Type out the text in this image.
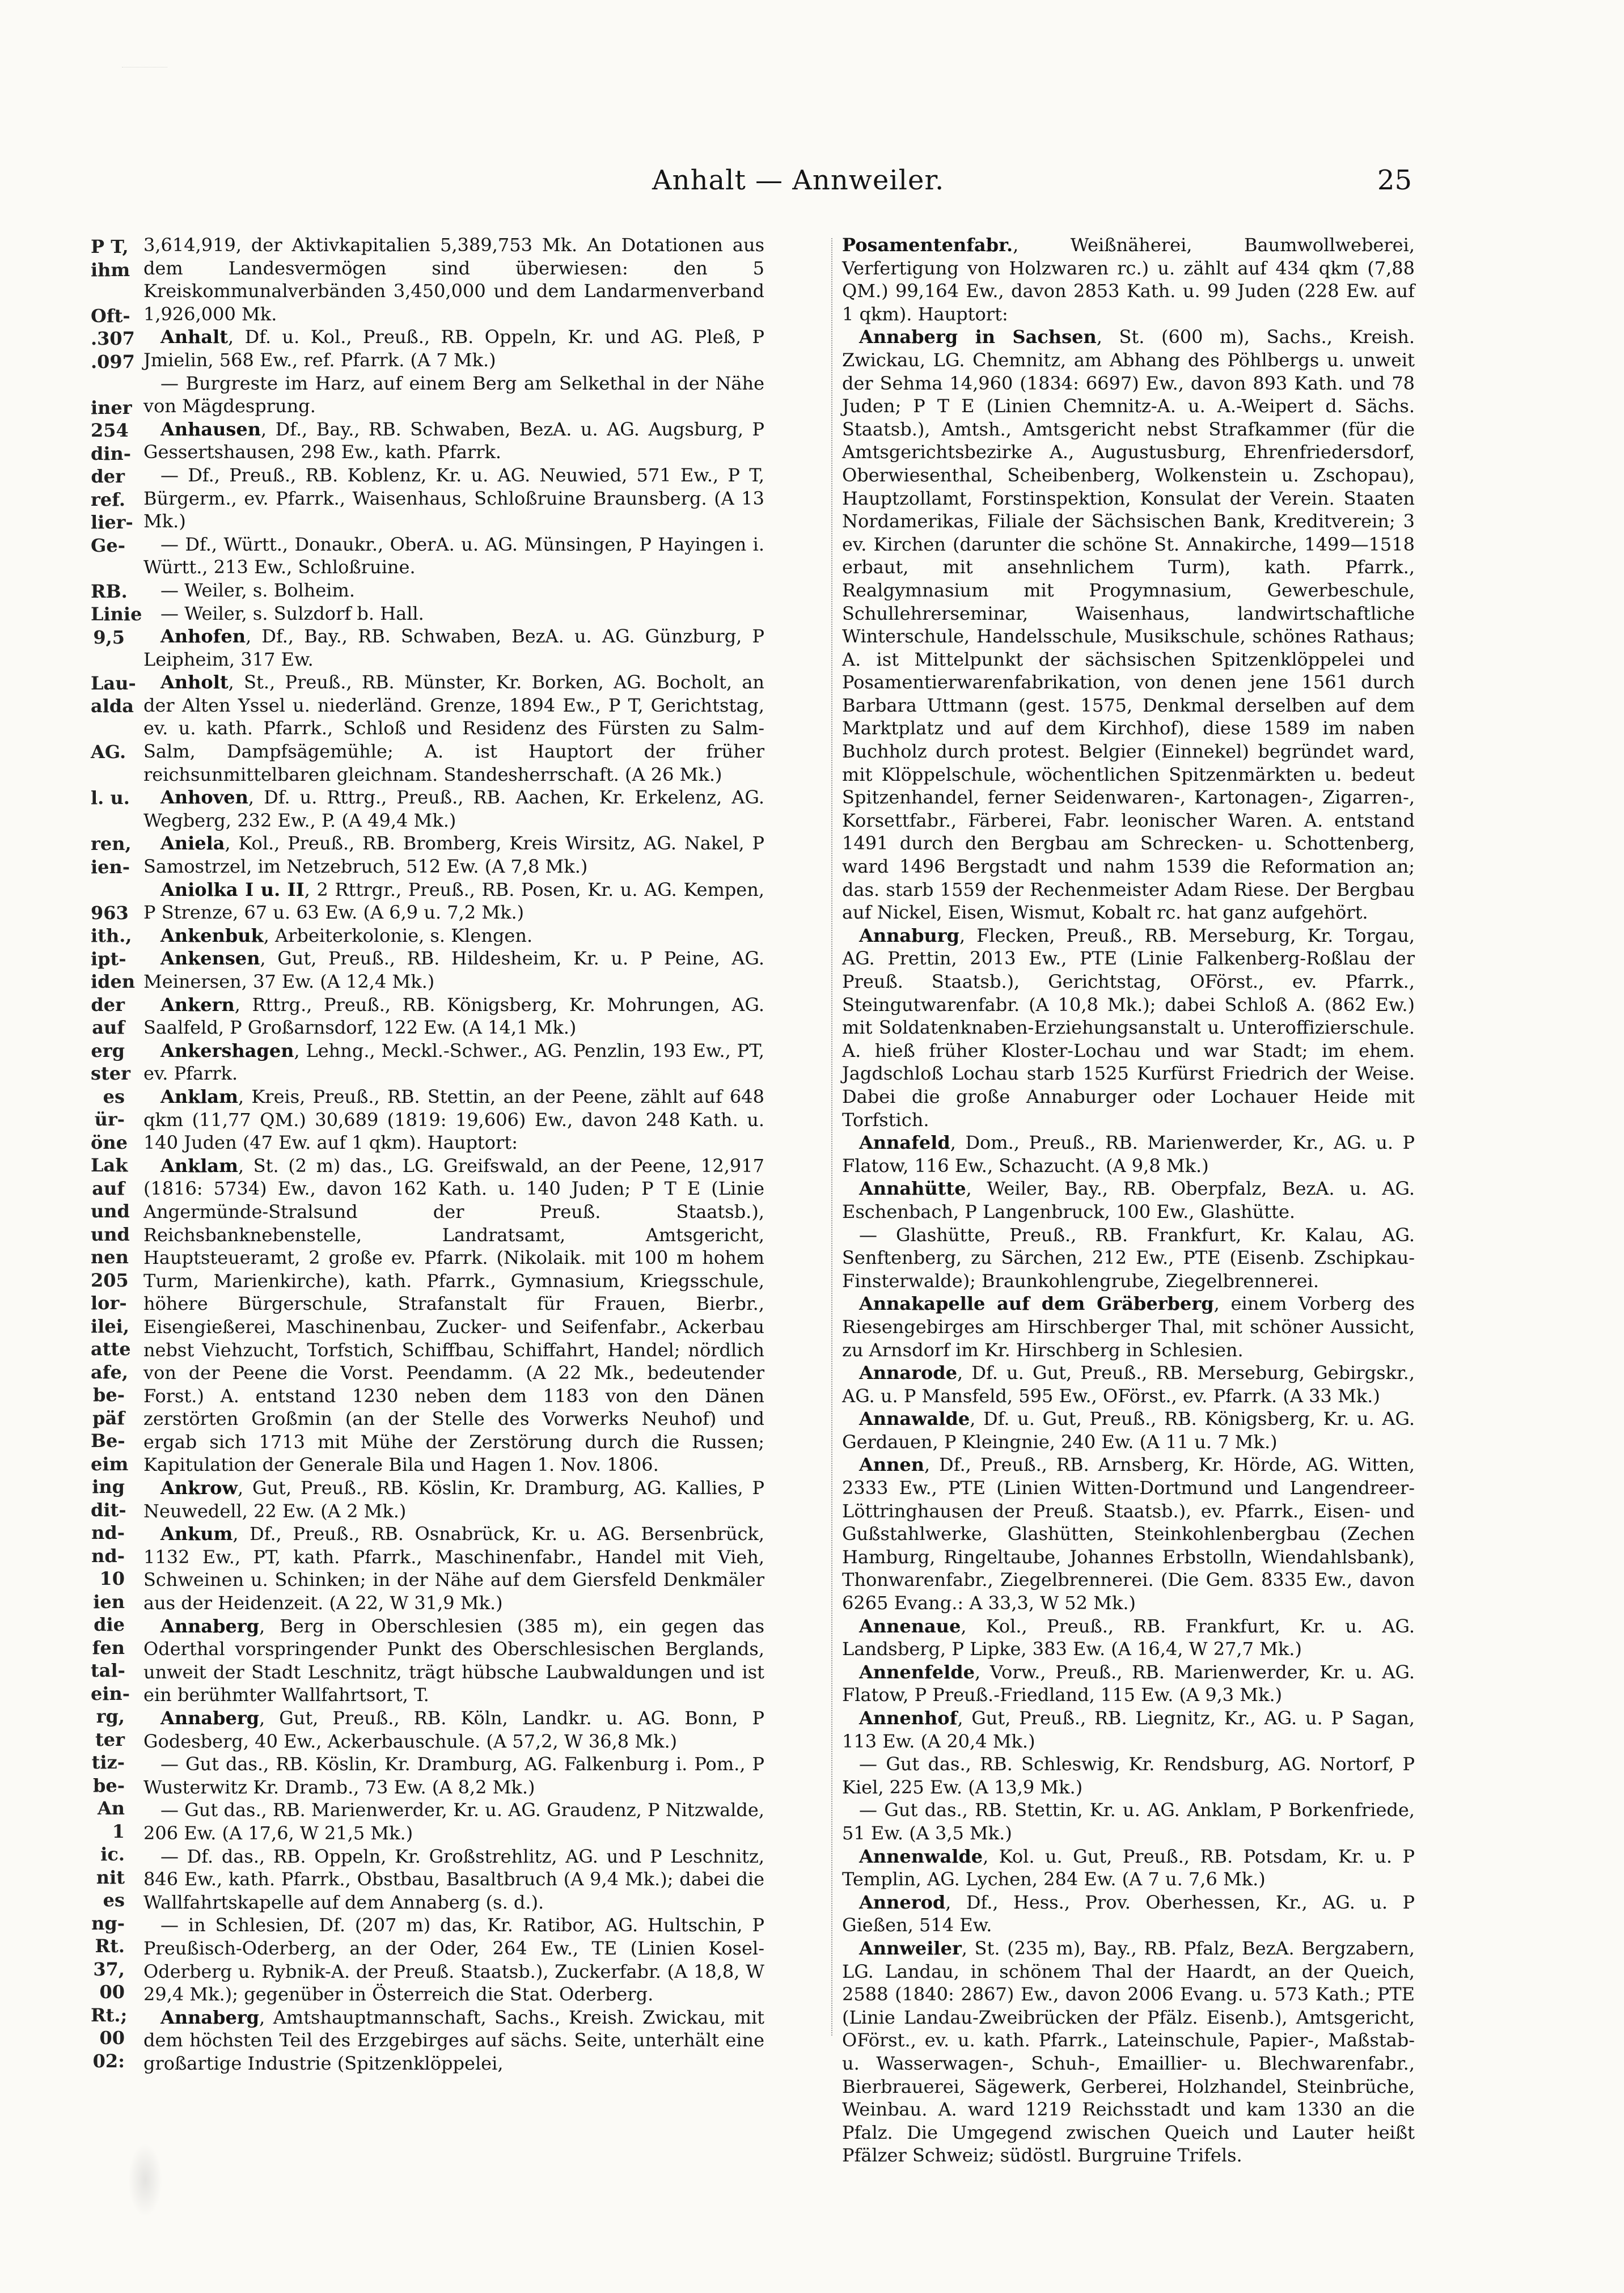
Anhalt — Annweiler.	25
P T,
ihm
Oft-
.307
.097
iner
254
din-
der
ref.
lier-
Ge-
RB.
Linie
9,5
Lau-
alda
AG.
l. u.
ren,
ien-
963
ith.,
ipt-
iden
der
auf
erg
ster
es
ür-
öne
Lak
auf
und
und
nen
205
lor-
ilei,
atte
afe,
be-
päf
Be-
eim
ing
dit-
nd-
nd-
10
ien
die
fen
tal-
ein-
rg,
ter
tiz-
be-
An
1
ic.
nit
es
ng-
Rt.
37,
00
Rt.;
00
02:

3,614,919, der Aktivkapitalien 5,389,753 Mk. An Dotationen aus dem Landesvermögen sind überwiesen: den 5 Kreiskommunalverbänden 3,450,000 und dem Landarmenverband 1,926,000 Mk.

Anhalt, Df. u. Kol., Preuß., RB. Oppeln, Kr. und AG. Pleß, P Jmielin, 568 Ew., ref. Pfarrk. (A 7 Mk.)

— Burgreste im Harz, auf einem Berg am Selkethal in der Nähe von Mägdesprung.

Anhausen, Df., Bay., RB. Schwaben, BezA. u. AG. Augsburg, P Gessertshausen, 298 Ew., kath. Pfarrk.

— Df., Preuß., RB. Koblenz, Kr. u. AG. Neuwied, 571 Ew., P T, Bürgerm., ev. Pfarrk., Waisenhaus, Schloßruine Braunsberg. (A 13 Mk.)

— Df., Württ., Donaukr., OberA. u. AG. Münsingen, P Hayingen i. Württ., 213 Ew., Schloßruine.

— Weiler, s. Bolheim.

— Weiler, s. Sulzdorf b. Hall.

Anhofen, Df., Bay., RB. Schwaben, BezA. u. AG. Günzburg, P Leipheim, 317 Ew.

Anholt, St., Preuß., RB. Münster, Kr. Borken, AG. Bocholt, an der Alten Yssel u. niederländ. Grenze, 1894 Ew., P T, Gerichtstag, ev. u. kath. Pfarrk., Schloß und Residenz des Fürsten zu Salm-Salm, Dampfsägemühle; A. ist Hauptort der früher reichsunmittelbaren gleichnam. Standesherrschaft. (A 26 Mk.)

Anhoven, Df. u. Rttrg., Preuß., RB. Aachen, Kr. Erkelenz, AG. Wegberg, 232 Ew., P. (A 49,4 Mk.)

Aniela, Kol., Preuß., RB. Bromberg, Kreis Wirsitz, AG. Nakel, P Samostrzel, im Netzebruch, 512 Ew. (A 7,8 Mk.)

Aniolka I u. II, 2 Rttrgr., Preuß., RB. Posen, Kr. u. AG. Kempen, P Strenze, 67 u. 63 Ew. (A 6,9 u. 7,2 Mk.)

Ankenbuk, Arbeiterkolonie, s. Klengen.

Ankensen, Gut, Preuß., RB. Hildesheim, Kr. u. P Peine, AG. Meinersen, 37 Ew. (A 12,4 Mk.)

Ankern, Rttrg., Preuß., RB. Königsberg, Kr. Mohrungen, AG. Saalfeld, P Großarnsdorf, 122 Ew. (A 14,1 Mk.)

Ankershagen, Lehng., Meckl.-Schwer., AG. Penzlin, 193 Ew., PT, ev. Pfarrk.

Anklam, Kreis, Preuß., RB. Stettin, an der Peene, zählt auf 648 qkm (11,77 QM.) 30,689 (1819: 19,606) Ew., davon 248 Kath. u. 140 Juden (47 Ew. auf 1 qkm). Hauptort:

Anklam, St. (2 m) das., LG. Greifswald, an der Peene, 12,917 (1816: 5734) Ew., davon 162 Kath. u. 140 Juden; P T E (Linie Angermünde-Stralsund der Preuß. Staatsb.), Reichsbanknebenstelle, Landratsamt, Amtsgericht, Hauptsteueramt, 2 große ev. Pfarrk. (Nikolaik. mit 100 m hohem Turm, Marienkirche), kath. Pfarrk., Gymnasium, Kriegsschule, höhere Bürgerschule, Strafanstalt für Frauen, Bierbr., Eisengießerei, Maschinenbau, Zucker- und Seifenfabr., Ackerbau nebst Viehzucht, Torfstich, Schiffbau, Schiffahrt, Handel; nördlich von der Peene die Vorst. Peendamm. (A 22 Mk., bedeutender Forst.) A. entstand 1230 neben dem 1183 von den Dänen zerstörten Großmin (an der Stelle des Vorwerks Neuhof) und ergab sich 1713 mit Mühe der Zerstörung durch die Russen; Kapitulation der Generale Bila und Hagen 1. Nov. 1806.

Ankrow, Gut, Preuß., RB. Köslin, Kr. Dramburg, AG. Kallies, P Neuwedell, 22 Ew. (A 2 Mk.)

Ankum, Df., Preuß., RB. Osnabrück, Kr. u. AG. Bersenbrück, 1132 Ew., PT, kath. Pfarrk., Maschinenfabr., Handel mit Vieh, Schweinen u. Schinken; in der Nähe auf dem Giersfeld Denkmäler aus der Heidenzeit. (A 22, W 31,9 Mk.)

Annaberg, Berg in Oberschlesien (385 m), ein gegen das Oderthal vorspringender Punkt des Oberschlesischen Berglands, unweit der Stadt Leschnitz, trägt hübsche Laubwaldungen und ist ein berühmter Wallfahrtsort, T.

Annaberg, Gut, Preuß., RB. Köln, Landkr. u. AG. Bonn, P Godesberg, 40 Ew., Ackerbauschule. (A 57,2, W 36,8 Mk.)

— Gut das., RB. Köslin, Kr. Dramburg, AG. Falkenburg i. Pom., P Wusterwitz Kr. Dramb., 73 Ew. (A 8,2 Mk.)

— Gut das., RB. Marienwerder, Kr. u. AG. Graudenz, P Nitzwalde, 206 Ew. (A 17,6, W 21,5 Mk.)

— Df. das., RB. Oppeln, Kr. Großstrehlitz, AG. und P Leschnitz, 846 Ew., kath. Pfarrk., Obstbau, Basaltbruch (A 9,4 Mk.); dabei die Wallfahrtskapelle auf dem Annaberg (s. d.).

— in Schlesien, Df. (207 m) das, Kr. Ratibor, AG. Hultschin, P Preußisch-Oderberg, an der Oder, 264 Ew., TE (Linien Kosel-Oderberg u. Rybnik-A. der Preuß. Staatsb.), Zuckerfabr. (A 18,8, W 29,4 Mk.); gegenüber in Österreich die Stat. Oderberg.

Annaberg, Amtshauptmannschaft, Sachs., Kreish. Zwickau, mit dem höchsten Teil des Erzgebirges auf sächs. Seite, unterhält eine großartige Industrie (Spitzenklöppelei,

Posamentenfabr., Weißnäherei, Baumwollweberei, Verfertigung von Holzwaren rc.) u. zählt auf 434 qkm (7,88 QM.) 99,164 Ew., davon 2853 Kath. u. 99 Juden (228 Ew. auf 1 qkm). Hauptort:

Annaberg in Sachsen, St. (600 m), Sachs., Kreish. Zwickau, LG. Chemnitz, am Abhang des Pöhlbergs u. unweit der Sehma 14,960 (1834: 6697) Ew., davon 893 Kath. und 78 Juden; P T E (Linien Chemnitz-A. u. A.-Weipert d. Sächs. Staatsb.), Amtsh., Amtsgericht nebst Strafkammer (für die Amtsgerichtsbezirke A., Augustusburg, Ehrenfriedersdorf, Oberwiesenthal, Scheibenberg, Wolkenstein u. Zschopau), Hauptzollamt, Forstinspektion, Konsulat der Verein. Staaten Nordamerikas, Filiale der Sächsischen Bank, Kreditverein; 3 ev. Kirchen (darunter die schöne St. Annakirche, 1499—1518 erbaut, mit ansehnlichem Turm), kath. Pfarrk., Realgymnasium mit Progymnasium, Gewerbeschule, Schullehrerseminar, Waisenhaus, landwirtschaftliche Winterschule, Handelsschule, Musikschule, schönes Rathaus; A. ist Mittelpunkt der sächsischen Spitzenklöppelei und Posamentierwarenfabrikation, von denen jene 1561 durch Barbara Uttmann (gest. 1575, Denkmal derselben auf dem Marktplatz und auf dem Kirchhof), diese 1589 im naben Buchholz durch protest. Belgier (Einnekel) begründet ward, mit Klöppelschule, wöchentlichen Spitzenmärkten u. bedeut Spitzenhandel, ferner Seidenwaren-, Kartonagen-, Zigarren-, Korsettfabr., Färberei, Fabr. leonischer Waren. A. entstand 1491 durch den Bergbau am Schrecken- u. Schottenberg, ward 1496 Bergstadt und nahm 1539 die Reformation an; das. starb 1559 der Rechenmeister Adam Riese. Der Bergbau auf Nickel, Eisen, Wismut, Kobalt rc. hat ganz aufgehört.

Annaburg, Flecken, Preuß., RB. Merseburg, Kr. Torgau, AG. Prettin, 2013 Ew., PTE (Linie Falkenberg-Roßlau der Preuß. Staatsb.), Gerichtstag, OFörst., ev. Pfarrk., Steingutwarenfabr. (A 10,8 Mk.); dabei Schloß A. (862 Ew.) mit Soldatenknaben-Erziehungsanstalt u. Unteroffizierschule. A. hieß früher Kloster-Lochau und war Stadt; im ehem. Jagdschloß Lochau starb 1525 Kurfürst Friedrich der Weise. Dabei die große Annaburger oder Lochauer Heide mit Torfstich.

Annafeld, Dom., Preuß., RB. Marienwerder, Kr., AG. u. P Flatow, 116 Ew., Schazucht. (A 9,8 Mk.)

Annahütte, Weiler, Bay., RB. Oberpfalz, BezA. u. AG. Eschenbach, P Langenbruck, 100 Ew., Glashütte.

— Glashütte, Preuß., RB. Frankfurt, Kr. Kalau, AG. Senftenberg, zu Särchen, 212 Ew., PTE (Eisenb. Zschipkau-Finsterwalde); Braunkohlengrube, Ziegelbrennerei.

Annakapelle auf dem Gräberberg, einem Vorberg des Riesengebirges am Hirschberger Thal, mit schöner Aussicht, zu Arnsdorf im Kr. Hirschberg in Schlesien.

Annarode, Df. u. Gut, Preuß., RB. Merseburg, Gebirgskr., AG. u. P Mansfeld, 595 Ew., OFörst., ev. Pfarrk. (A 33 Mk.)

Annawalde, Df. u. Gut, Preuß., RB. Königsberg, Kr. u. AG. Gerdauen, P Kleingnie, 240 Ew. (A 11 u. 7 Mk.)

Annen, Df., Preuß., RB. Arnsberg, Kr. Hörde, AG. Witten, 2333 Ew., PTE (Linien Witten-Dortmund und Langendreer-Löttringhausen der Preuß. Staatsb.), ev. Pfarrk., Eisen- und Gußstahlwerke, Glashütten, Steinkohlenbergbau (Zechen Hamburg, Ringeltaube, Johannes Erbstolln, Wiendahlsbank), Thonwarenfabr., Ziegelbrennerei. (Die Gem. 8335 Ew., davon 6265 Evang.: A 33,3, W 52 Mk.)

Annenaue, Kol., Preuß., RB. Frankfurt, Kr. u. AG. Landsberg, P Lipke, 383 Ew. (A 16,4, W 27,7 Mk.)

Annenfelde, Vorw., Preuß., RB. Marienwerder, Kr. u. AG. Flatow, P Preuß.-Friedland, 115 Ew. (A 9,3 Mk.)

Annenhof, Gut, Preuß., RB. Liegnitz, Kr., AG. u. P Sagan, 113 Ew. (A 20,4 Mk.)

— Gut das., RB. Schleswig, Kr. Rendsburg, AG. Nortorf, P Kiel, 225 Ew. (A 13,9 Mk.)

— Gut das., RB. Stettin, Kr. u. AG. Anklam, P Borkenfriede, 51 Ew. (A 3,5 Mk.)

Annenwalde, Kol. u. Gut, Preuß., RB. Potsdam, Kr. u. P Templin, AG. Lychen, 284 Ew. (A 7 u. 7,6 Mk.)

Annerod, Df., Hess., Prov. Oberhessen, Kr., AG. u. P Gießen, 514 Ew.

Annweiler, St. (235 m), Bay., RB. Pfalz, BezA. Bergzabern, LG. Landau, in schönem Thal der Haardt, an der Queich, 2588 (1840: 2867) Ew., davon 2006 Evang. u. 573 Kath.; PTE (Linie Landau-Zweibrücken der Pfälz. Eisenb.), Amtsgericht, OFörst., ev. u. kath. Pfarrk., Lateinschule, Papier-, Maßstab- u. Wasserwagen-, Schuh-, Emaillier- u. Blechwarenfabr., Bierbrauerei, Sägewerk, Gerberei, Holzhandel, Steinbrüche, Weinbau. A. ward 1219 Reichsstadt und kam 1330 an die Pfalz. Die Umgegend zwischen Queich und Lauter heißt Pfälzer Schweiz; südöstl. Burgruine Trifels.
